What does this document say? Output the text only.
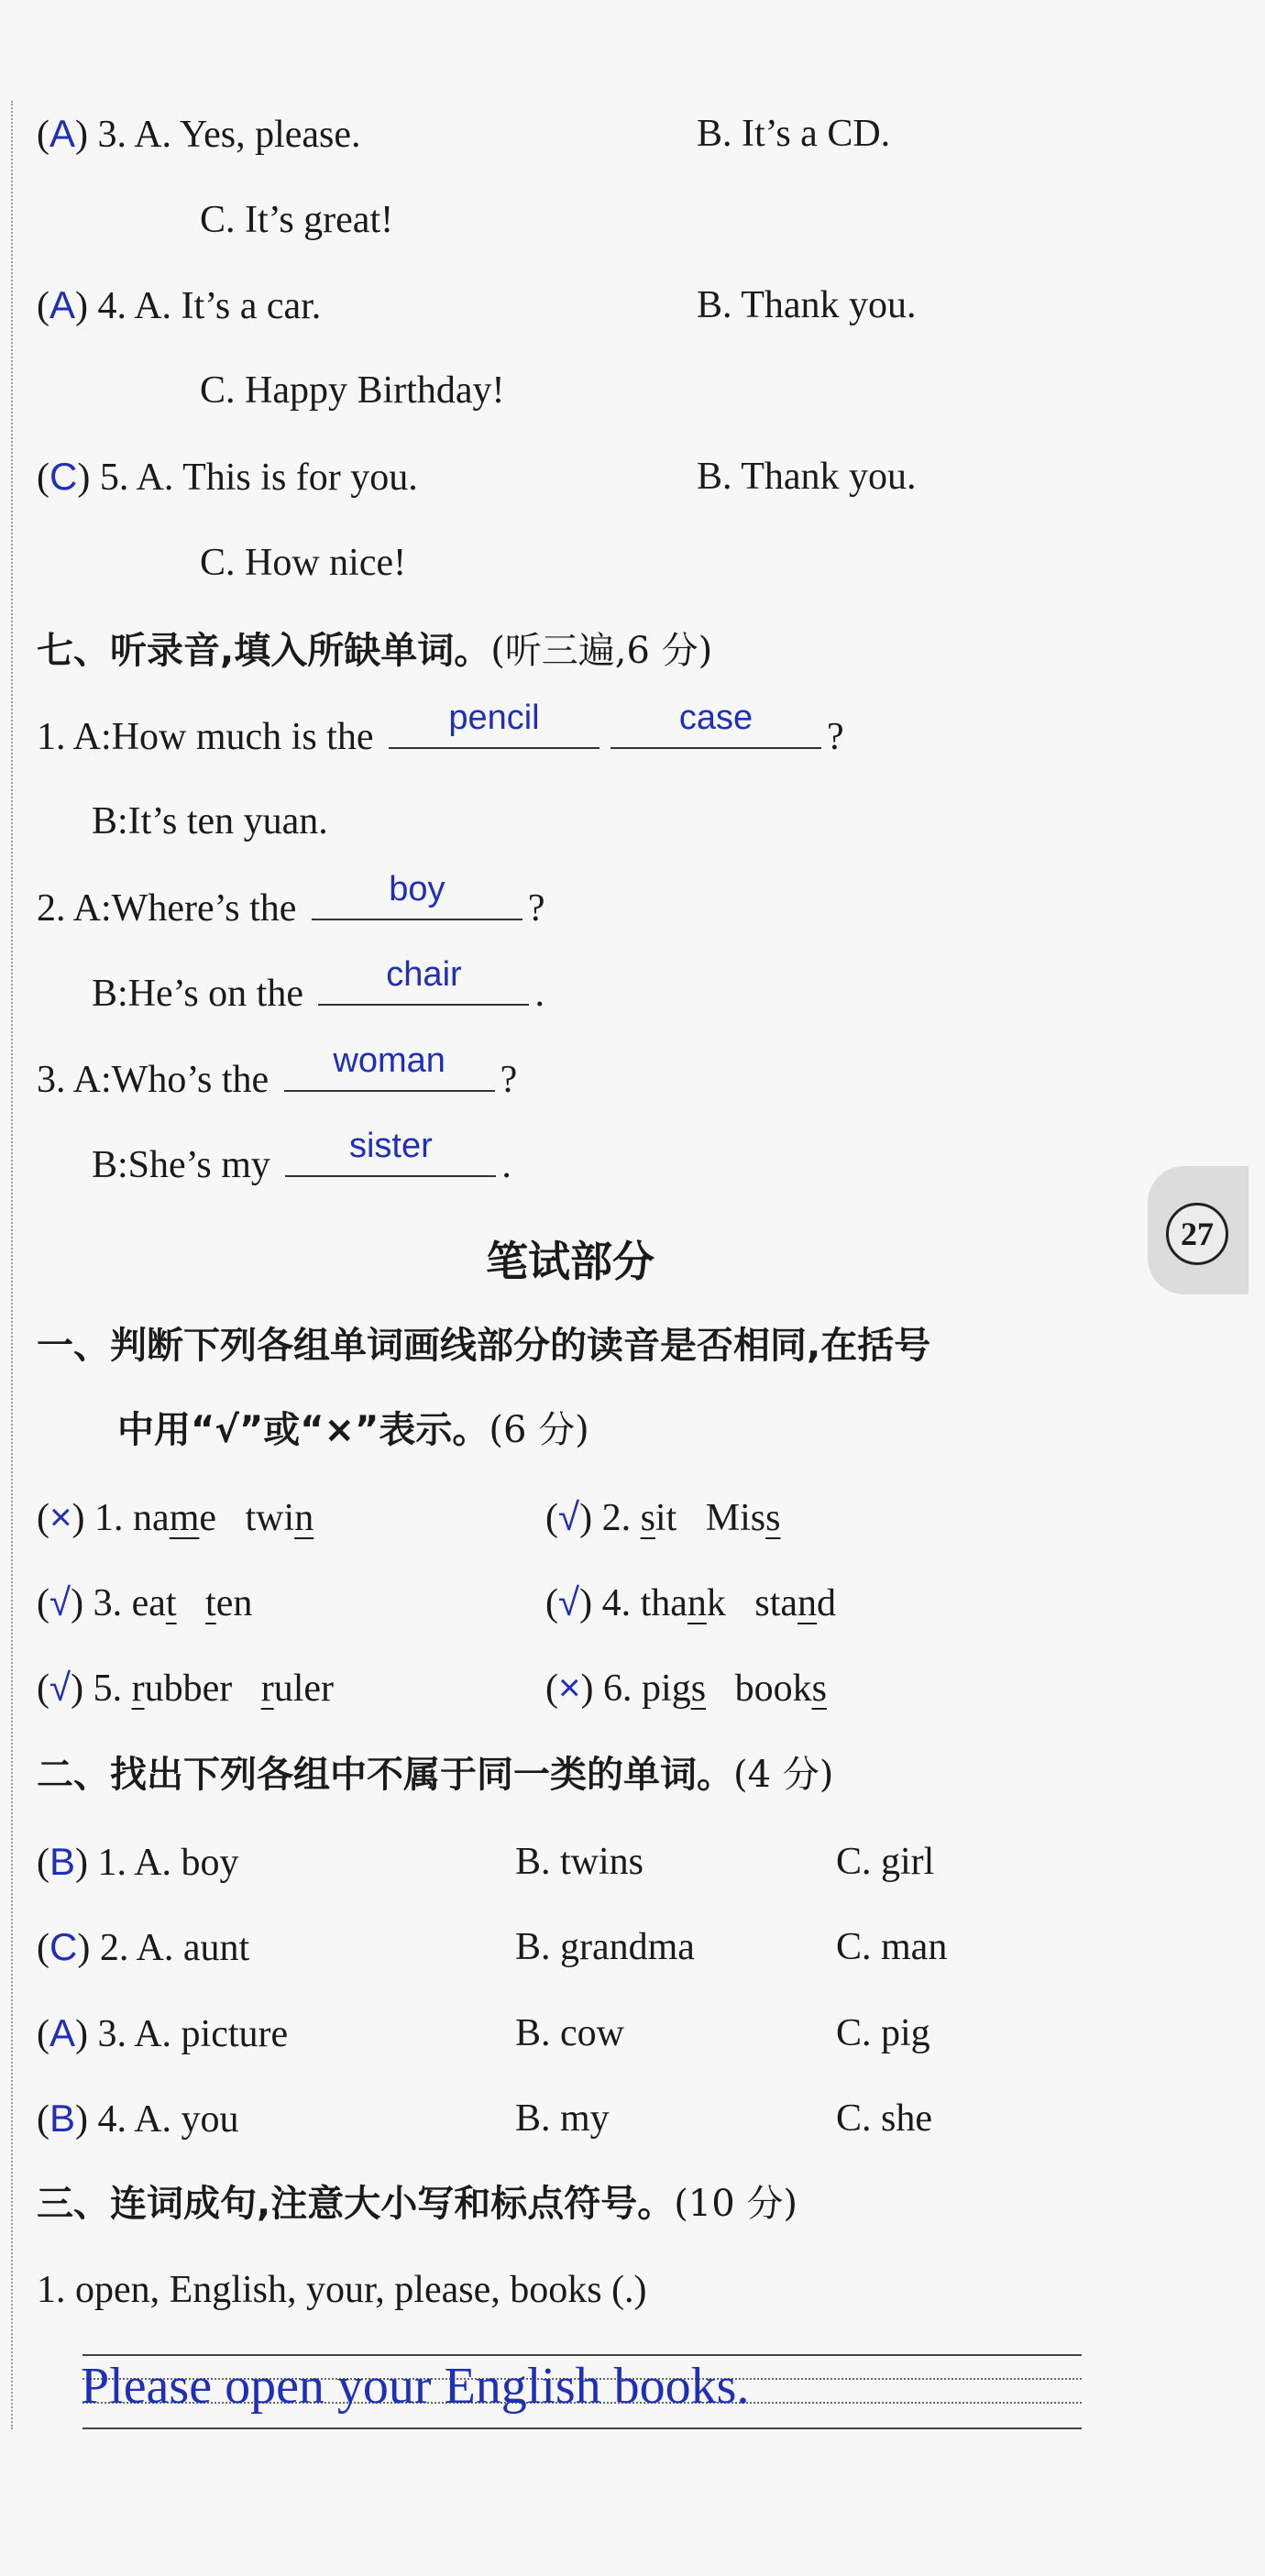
(A) 3. A. Yes, please.	B. It’s a CD.
C. It’s great!
(A) 4. A. It’s a car.	B. Thank you.
C. Happy Birthday!
(C) 5. A. This is for you.	B. Thank you.
C. How nice!
七、听录音,填入所缺单词。(听三遍,6 分)
1. A:How much is the	pencil	case	?
B:It’s ten yuan.
2. A:Where’s the	boy	?
B:He’s on the	chair	.
3. A:Who’s the	woman	?
B:She’s my	sister	.
笔试部分
27
一、判断下列各组单词画线部分的读音是否相同,在括号
中用“√”或“×”表示。(6 分)
(×) 1. name twin	(√) 2. sit Miss
(√) 3. eat ten	(√) 4. thank stand
(√) 5. rubber ruler	(×) 6. pigs books
二、找出下列各组中不属于同一类的单词。(4 分)
(B) 1. A. boy	B. twins	C. girl
(C) 2. A. aunt	B. grandma	C. man
(A) 3. A. picture	B. cow	C. pig
(B) 4. A. you	B. my	C. she
三、连词成句,注意大小写和标点符号。(10 分)
1. open, English, your, please, books (.)
Please open your English books.
